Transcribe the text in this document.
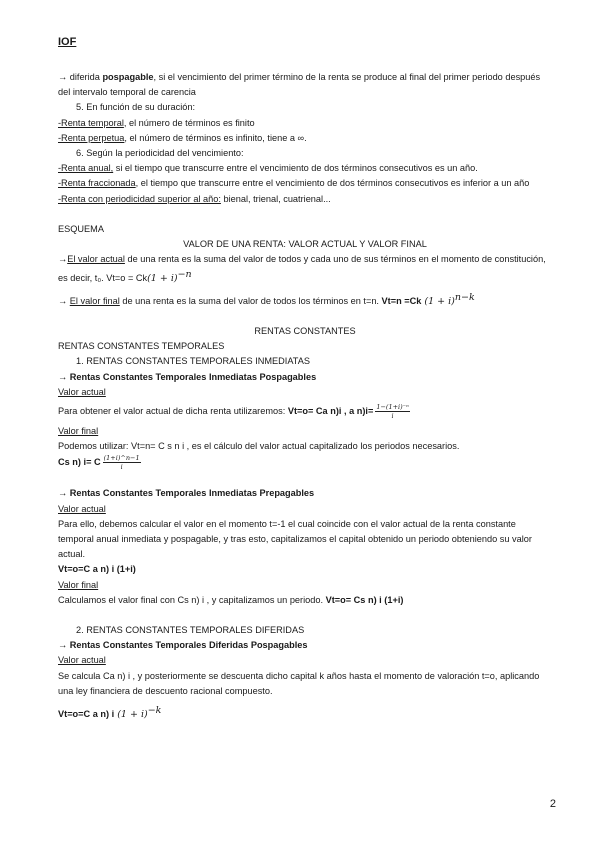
IOF

→ diferida pospagable, si el vencimiento del primer término de la renta se produce al final del primer periodo después del intervalo temporal de carencia

5. En función de su duración:

-Renta temporal, el número de términos es finito

-Renta perpetua, el número de términos es infinito, tiene a ∞.

6. Según la periodicidad del vencimiento:

-Renta anual, si el tiempo que transcurre entre el vencimiento de dos términos consecutivos es un año.

-Renta fraccionada, el tiempo que transcurre entre el vencimiento de dos términos consecutivos es inferior a un año

-Renta con periodicidad superior al año: bienal, trienal, cuatrienal...

ESQUEMA

VALOR DE UNA RENTA: VALOR ACTUAL Y VALOR FINAL

→El valor actual de una renta es la suma del valor de todos y cada uno de sus términos en el momento de constitución, es decir, t₀. Vt=o = Ck(1 + i)−n

→ El valor final de una renta es la suma del valor de todos los términos en t=n. Vt=n =Ck (1 + i)n−k

RENTAS CONSTANTES

RENTAS CONSTANTES TEMPORALES

1. RENTAS CONSTANTES TEMPORALES INMEDIATAS

→ Rentas Constantes Temporales Inmediatas Pospagables

Valor actual

Para obtener el valor actual de dicha renta utilizaremos: Vt=o= Ca n)i , a $n)i= \frac{\text{1−(1+i)⁻ⁿ}}{i}$

Valor final

Podemos utilizar: Vt=n= C s n i , es el cálculo del valor actual capitalizado los periodos necesarios.

Cs n) i= C $\frac{(1+i)\^{}n-1}{i}$

→ Rentas Constantes Temporales Inmediatas Prepagables

Valor actual

Para ello, debemos calcular el valor en el momento t=-1 el cual coincide con el valor actual de la renta constante temporal anual inmediata y pospagable, y tras esto, capitalizamos el capital obtenido un periodo obteniendo su valor actual.

Vt=o=C a n) i (1+i)

Valor final

Calculamos el valor final con Cs n) i , y capitalizamos un periodo. Vt=o= Cs n) i (1+i)

2. RENTAS CONSTANTES TEMPORALES DIFERIDAS

→ Rentas Constantes Temporales Diferidas Pospagables

Valor actual

Se calcula Ca n) i , y posteriormente se descuenta dicho capital k años hasta el momento de valoración t=o, aplicando una ley financiera de descuento racional compuesto.

Vt=o=C a n) i (1 + i)−k

2
